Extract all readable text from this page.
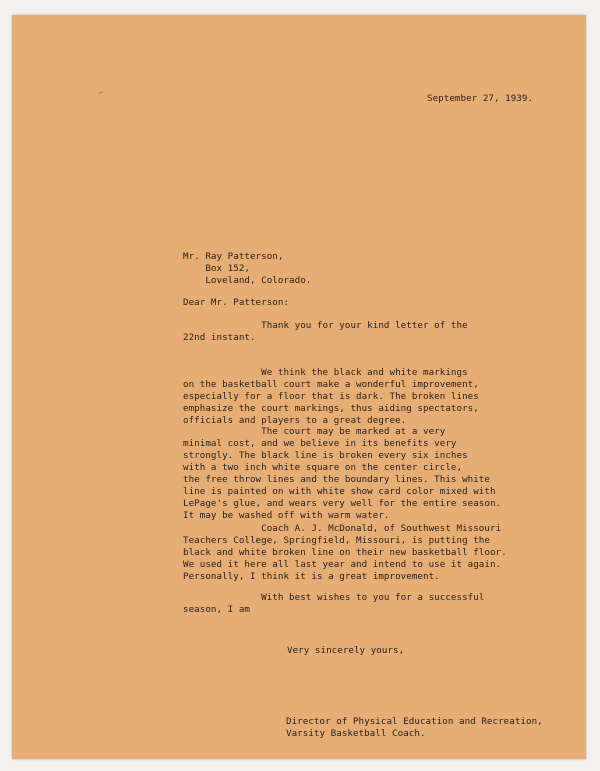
September 27, 1939.
Mr. Ray Patterson,
Box 152,
Loveland, Colorado.
Dear Mr. Patterson:
Thank you for your kind letter of the
22nd instant.
We think the black and white markings
on the basketball court make a wonderful improvement,
especially for a floor that is dark. The broken lines
emphasize the court markings, thus aiding spectators,
officials and players to a great degree.
The court may be marked at a very
minimal cost, and we believe in its benefits very
strongly. The black line is broken every six inches
with a two inch white square on the center circle,
the free throw lines and the boundary lines. This white
line is painted on with white show card color mixed with
LePage's glue, and wears very well for the entire season.
It may be washed off with warm water.
Coach A. J. McDonald, of Southwest Missouri
Teachers College, Springfield, Missouri, is putting the
black and white broken line on their new basketball floor.
We used it here all last year and intend to use it again.
Personally, I think it is a great improvement.
With best wishes to you for a successful
season, I am
Very sincerely yours,
Director of Physical Education and Recreation,
Varsity Basketball Coach.
